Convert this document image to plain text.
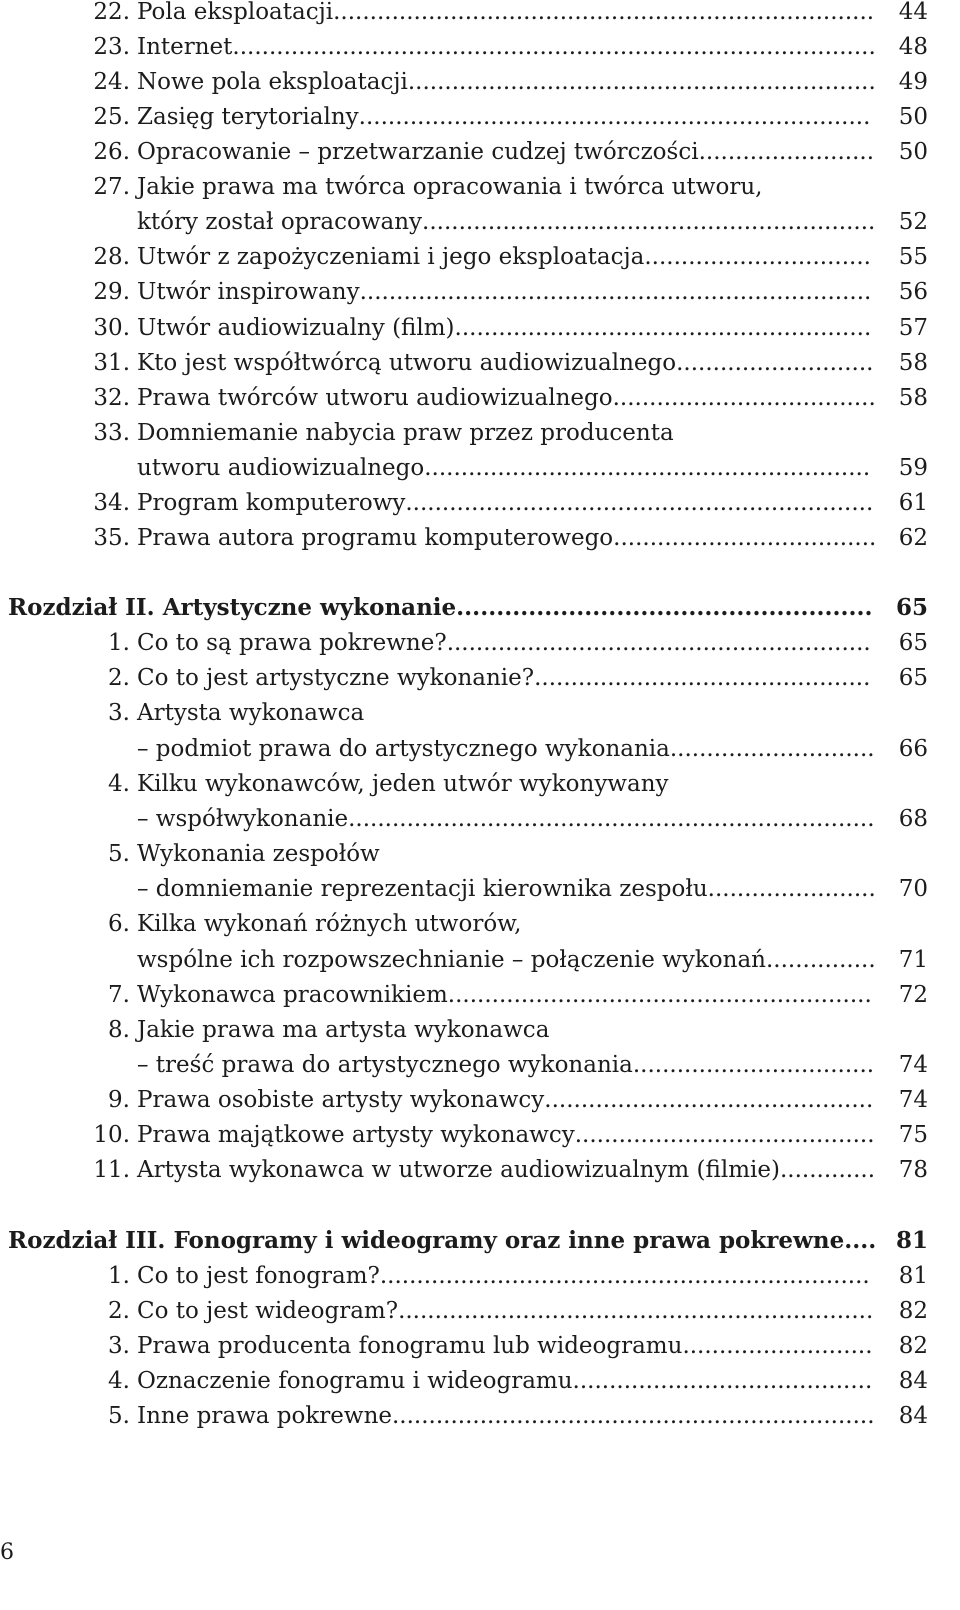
22. Pola eksploatacji..........................................................................	44
23. Internet........................................................................................ 48
24. Nowe pola eksploatacji................................................................ 49
25. Zasięg terytorialny......................................................................	50
26. Opracowanie – przetwarzanie cudzej twórczości........................	50
27. Jakie prawa ma twórca opracowania i twórca utworu,
który został opracowany..............................................................	52
28. Utwór z zapożyczeniami i jego eksploatacja...............................	55
29. Utwór inspirowany......................................................................	56
30. Utwór audiowizualny (film).........................................................	57
31. Kto jest współtwórcą utworu audiowizualnego...........................	58
32. Prawa twórców utworu audiowizualnego.................................... 58
33. Domniemanie nabycia praw przez producenta
utworu audiowizualnego.............................................................	59
34. Program komputerowy................................................................	61
35. Prawa autora programu komputerowego.................................... 62
Rozdział II. Artystyczne wykonanie....................................................	65
1. Co to są prawa pokrewne?..........................................................	65
2. Co to jest artystyczne wykonanie?..............................................	65
3. Artysta wykonawca
– podmiot prawa do artystycznego wykonania............................	66
4. Kilku wykonawców, jeden utwór wykonywany
– współwykonanie........................................................................	68
5. Wykonania zespołów
– domniemanie reprezentacji kierownika zespołu....................... 70
6. Kilka wykonań różnych utworów,
wspólne ich rozpowszechnianie – połączenie wykonań...............	71
7. Wykonawca pracownikiem..........................................................	72
8. Jakie prawa ma artysta wykonawca
– treść prawa do artystycznego wykonania.................................	74
9. Prawa osobiste artysty wykonawcy.............................................	74
10. Prawa majątkowe artysty wykonawcy.........................................	75
11. Artysta wykonawca w utworze audiowizualnym (filmie).............	78
Rozdział III. Fonogramy i wideogramy oraz inne prawa pokrewne.... 81
1. Co to jest fonogram?...................................................................	81
2. Co to jest wideogram?.................................................................	82
3. Prawa producenta fonogramu lub wideogramu..........................	82
4. Oznaczenie fonogramu i wideogramu.........................................	84
5. Inne prawa pokrewne..................................................................	84
6
